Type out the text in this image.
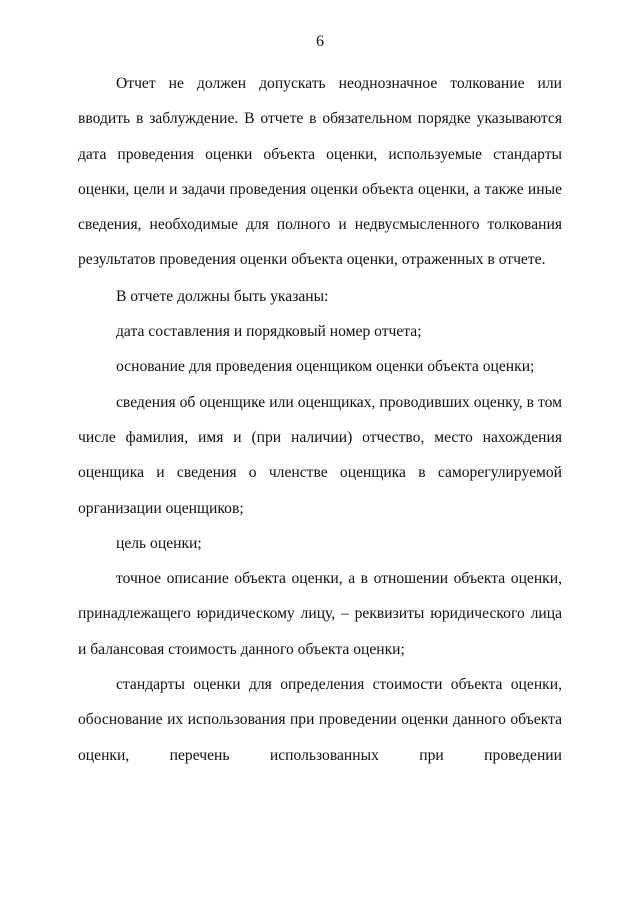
6

Отчет не должен допускать неоднозначное толкование или вводить в заблуждение. В отчете в обязательном порядке указываются дата проведения оценки объекта оценки, используемые стандарты оценки, цели и задачи проведения оценки объекта оценки, а также иные сведения, необходимые для полного и недвусмысленного толкования результатов проведения оценки объекта оценки, отраженных в отчете.

В отчете должны быть указаны:

дата составления и порядковый номер отчета;

основание для проведения оценщиком оценки объекта оценки;

сведения об оценщике или оценщиках, проводивших оценку, в том числе фамилия, имя и (при наличии) отчество, место нахождения оценщика и сведения о членстве оценщика в саморегулируемой организации оценщиков;

цель оценки;

точное описание объекта оценки, а в отношении объекта оценки, принадлежащего юридическому лицу, – реквизиты юридического лица и балансовая стоимость данного объекта оценки;

стандарты оценки для определения стоимости объекта оценки, обоснование их использования при проведении оценки данного объекта оценки, перечень использованных при проведении
